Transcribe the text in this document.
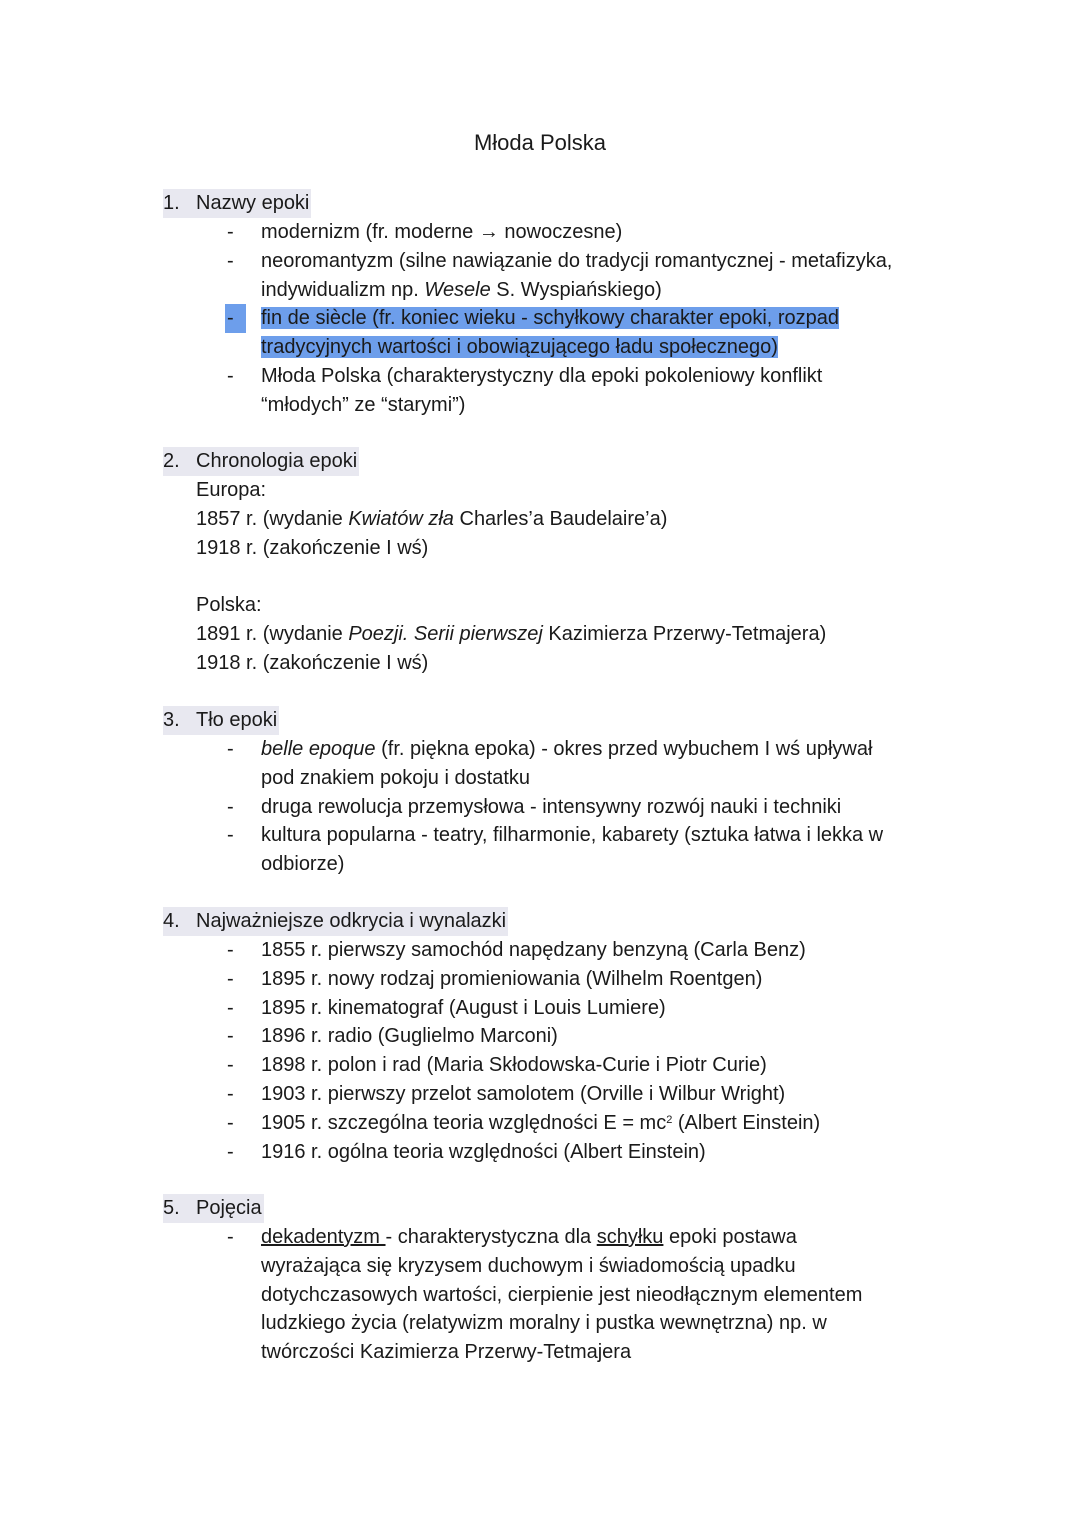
Młoda Polska
1. Nazwy epoki
- modernizm (fr. moderne → nowoczesne)
- neoromantyzm (silne nawiązanie do tradycji romantycznej - metafizyka,
indywidualizm np. Wesele S. Wyspiańskiego)
-	fin de siècle (fr. koniec wieku - schyłkowy charakter epoki, rozpad
tradycyjnych wartości i obowiązującego ładu społecznego)
- Młoda Polska (charakterystyczny dla epoki pokoleniowy konflikt
“młodych” ze “starymi”)
2. Chronologia epoki
Europa:
1857 r. (wydanie Kwiatów zła Charles’a Baudelaire’a)
1918 r. (zakończenie I wś)
Polska:
1891 r. (wydanie Poezji. Serii pierwszej Kazimierza Przerwy-Tetmajera)
1918 r. (zakończenie I wś)
3. Tło epoki
- belle epoque (fr. piękna epoka) - okres przed wybuchem I wś upływał
pod znakiem pokoju i dostatku
- druga rewolucja przemysłowa - intensywny rozwój nauki i techniki
- kultura popularna - teatry, filharmonie, kabarety (sztuka łatwa i lekka w
odbiorze)
4. Najważniejsze odkrycia i wynalazki
- 1855 r. pierwszy samochód napędzany benzyną (Carla Benz)
- 1895 r. nowy rodzaj promieniowania (Wilhelm Roentgen)
- 1895 r. kinematograf (August i Louis Lumiere)
- 1896 r. radio (Guglielmo Marconi)
- 1898 r. polon i rad (Maria Skłodowska-Curie i Piotr Curie)
- 1903 r. pierwszy przelot samolotem (Orville i Wilbur Wright)
- 1905 r. szczególna teoria względności $E = mc^2$ (Albert Einstein)
- 1916 r. ogólna teoria względności (Albert Einstein)
5. Pojęcia
- dekadentyzm - charakterystyczna dla schyłku epoki postawa
wyrażająca się kryzysem duchowym i świadomością upadku
dotychczasowych wartości, cierpienie jest nieodłącznym elementem
ludzkiego życia (relatywizm moralny i pustka wewnętrzna) np. w
twórczości Kazimierza Przerwy-Tetmajera
